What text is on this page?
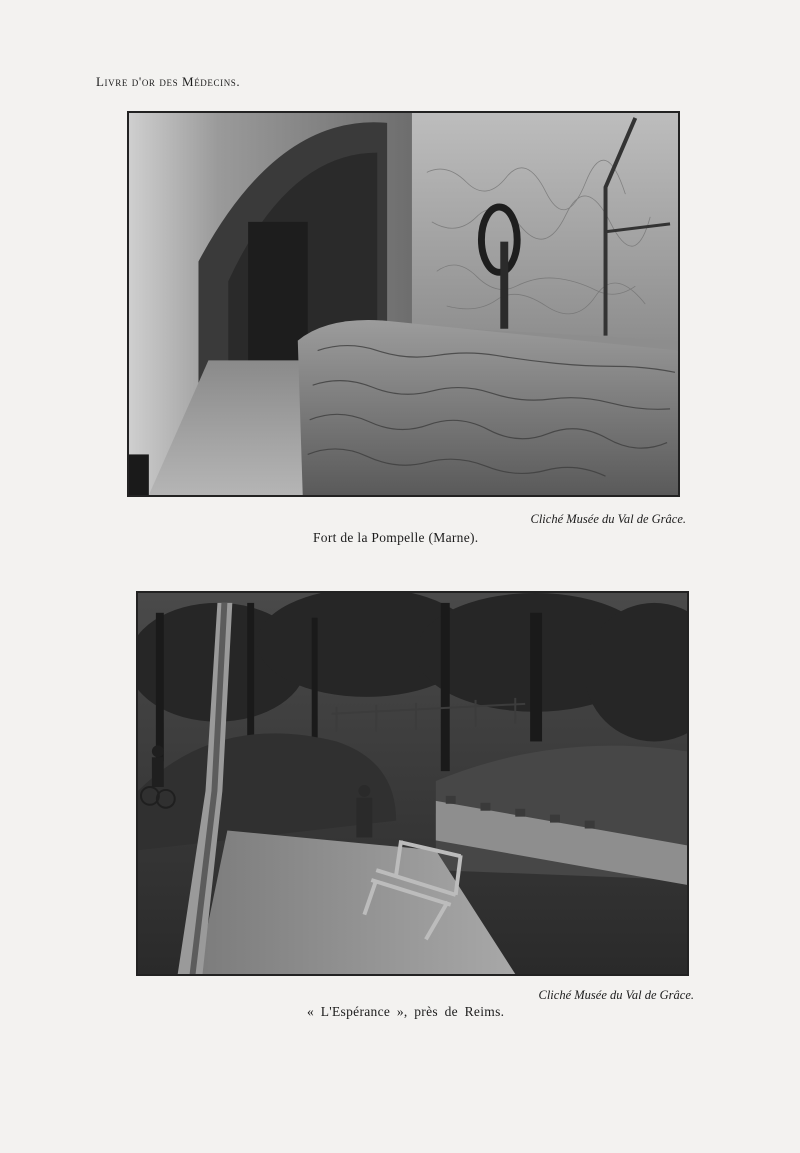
Livre d'or des Médecins.
Cliché Musée du Val de Grâce.
Fort de la Pompelle (Marne).
Cliché Musée du Val de Grâce.
« L'Espérance », près de Reims.
